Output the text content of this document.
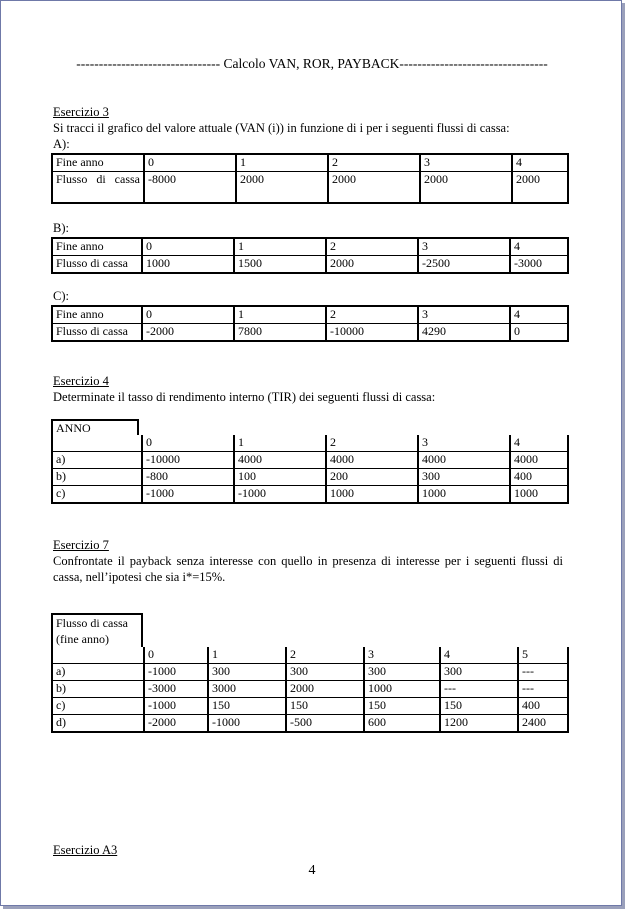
-------------------------------- Calcolo VAN, ROR, PAYBACK---------------------------------
Esercizio 3
Si tracci il grafico del valore attuale (VAN (i)) in funzione di i per i seguenti flussi di cassa:
A):
Fine anno	0	1	2	3	4
Flusso di cassa	-8000	2000	2000	2000	2000
B):
Fine anno	0	1	2	3	4
Flusso di cassa	1000	1500	2000	-2500	-3000
C):
Fine anno	0	1	2	3	4
Flusso di cassa	-2000	7800	-10000	4290	0
Esercizio 4
Determinate il tasso di rendimento interno (TIR) dei seguenti flussi di cassa:
ANNO
	0	1	2	3	4
a)	-10000	4000	4000	4000	4000
b)	-800	100	200	300	400
c)	-1000	-1000	1000	1000	1000
Esercizio 7
Confrontate il payback senza interesse con quello in presenza di interesse per i seguenti flussi di cassa, nell’ipotesi che sia i*=15%.
Flusso di cassa (fine anno)
	0	1	2	3	4	5
a)	-1000	300	300	300	300	---
b)	-3000	3000	2000	1000	---	---
c)	-1000	150	150	150	150	400
d)	-2000	-1000	-500	600	1200	2400
Esercizio A3
4
